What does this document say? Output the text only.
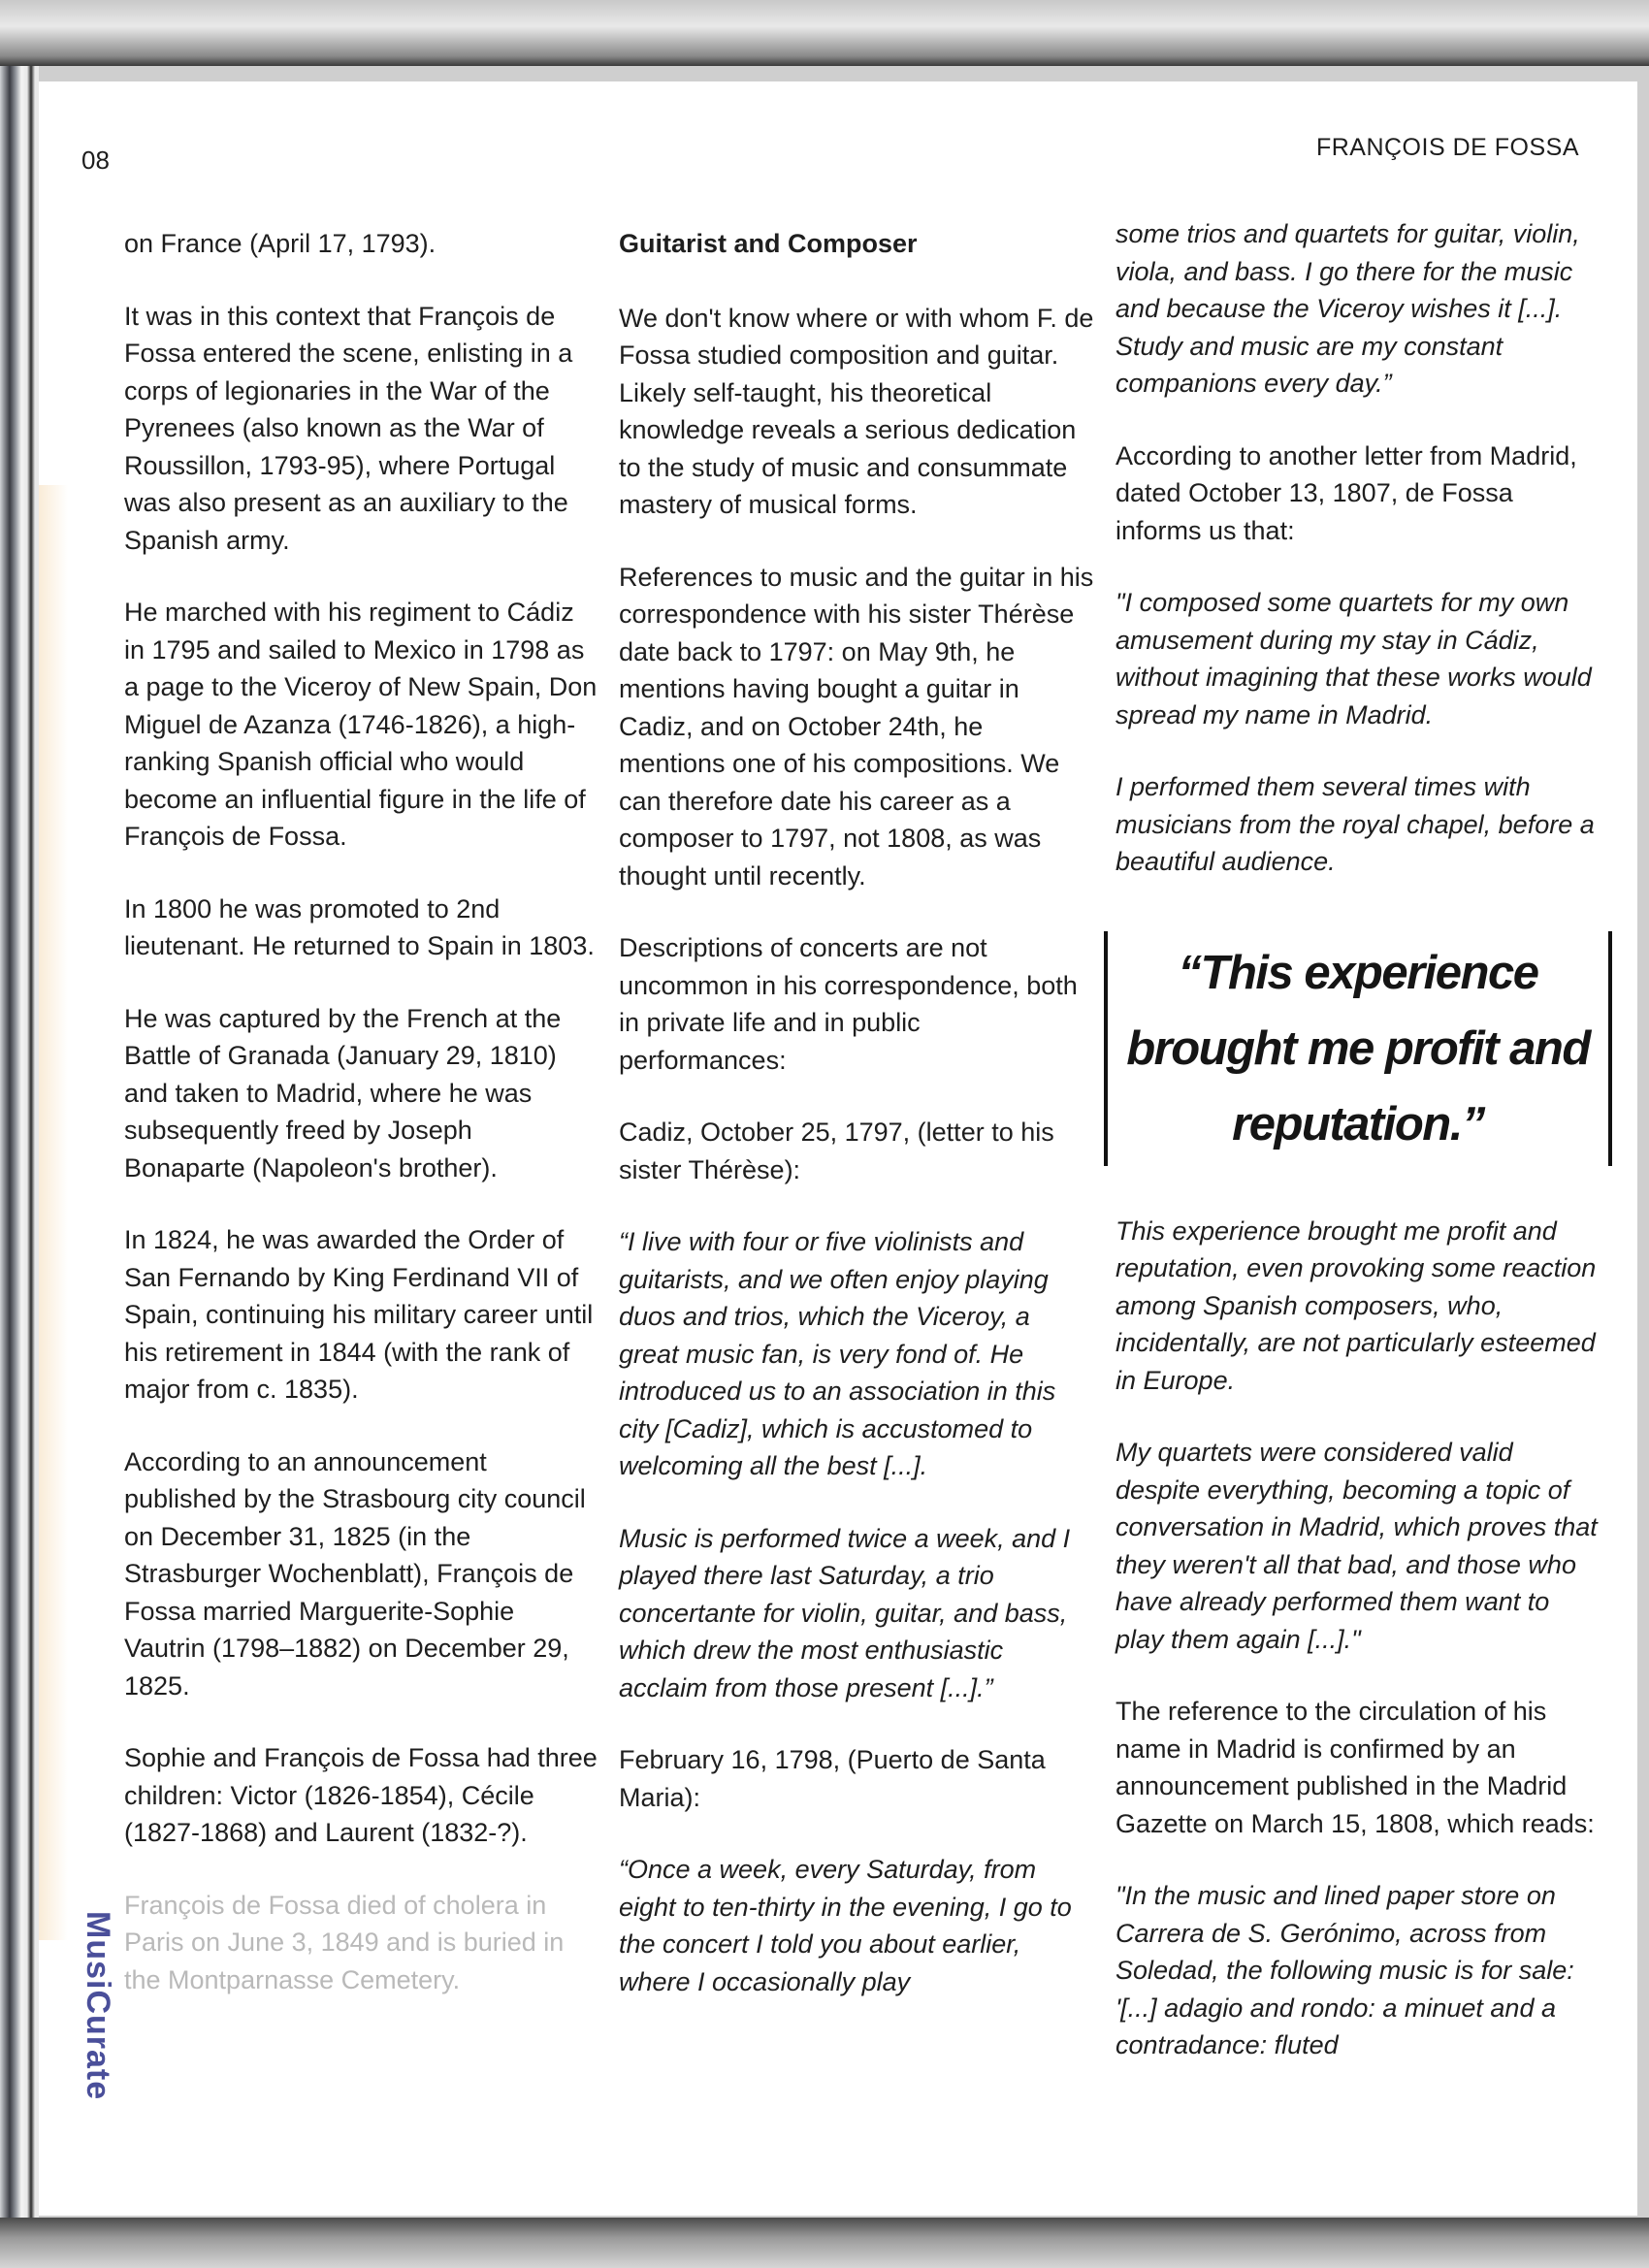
08	FRANÇOIS DE FOSSA

on France (April 17, 1793).

It was in this context that François de Fossa entered the scene, enlisting in a corps of legionaries in the War of the Pyrenees (also known as the War of Roussillon, 1793-95), where Portugal was also present as an auxiliary to the Spanish army.

He marched with his regiment to Cádiz in 1795 and sailed to Mexico in 1798 as a page to the Viceroy of New Spain, Don Miguel de Azanza (1746-1826), a high-ranking Spanish official who would become an influential figure in the life of François de Fossa.

In 1800 he was promoted to 2nd lieutenant. He returned to Spain in 1803.

He was captured by the French at the Battle of Granada (January 29, 1810) and taken to Madrid, where he was subsequently freed by Joseph Bonaparte (Napoleon's brother).

In 1824, he was awarded the Order of San Fernando by King Ferdinand VII of Spain, continuing his military career until his retirement in 1844 (with the rank of major from c. 1835).

According to an announcement published by the Strasbourg city council on December 31, 1825 (in the Strasburger Wochenblatt), François de Fossa married Marguerite-Sophie Vautrin (1798–1882) on December 29, 1825.

Sophie and François de Fossa had three children: Victor (1826-1854), Cécile (1827-1868) and Laurent (1832-?).

François de Fossa died of cholera in Paris on June 3, 1849 and is buried in the Montparnasse Cemetery.

Guitarist and Composer

We don't know where or with whom F. de Fossa studied composition and guitar. Likely self-taught, his theoretical knowledge reveals a serious dedication to the study of music and consummate mastery of musical forms.

References to music and the guitar in his correspondence with his sister Thérèse date back to 1797: on May 9th, he mentions having bought a guitar in Cadiz, and on October 24th, he mentions one of his compositions. We can therefore date his career as a composer to 1797, not 1808, as was thought until recently.

Descriptions of concerts are not uncommon in his correspondence, both in private life and in public performances:

Cadiz, October 25, 1797, (letter to his sister Thérèse):

“I live with four or five violinists and guitarists, and we often enjoy playing duos and trios, which the Viceroy, a great music fan, is very fond of. He introduced us to an association in this city [Cadiz], which is accustomed to welcoming all the best [...].

Music is performed twice a week, and I played there last Saturday, a trio concertante for violin, guitar, and bass, which drew the most enthusiastic acclaim from those present [...].”

February 16, 1798, (Puerto de Santa Maria):

“Once a week, every Saturday, from eight to ten-thirty in the evening, I go to the concert I told you about earlier, where I occasionally play

some trios and quartets for guitar, violin, viola, and bass. I go there for the music and because the Viceroy wishes it [...]. Study and music are my constant companions every day.”

According to another letter from Madrid, dated October 13, 1807, de Fossa informs us that:

"I composed some quartets for my own amusement during my stay in Cádiz, without imagining that these works would spread my name in Madrid.

I performed them several times with musicians from the royal chapel, before a beautiful audience.

“This experience brought me profit and reputation.”

This experience brought me profit and reputation, even provoking some reaction among Spanish composers, who, incidentally, are not particularly esteemed in Europe.

My quartets were considered valid despite everything, becoming a topic of conversation in Madrid, which proves that they weren't all that bad, and those who have already performed them want to play them again [...]."

The reference to the circulation of his name in Madrid is confirmed by an announcement published in the Madrid Gazette on March 15, 1808, which reads:

"In the music and lined paper store on Carrera de S. Gerónimo, across from Soledad, the following music is for sale: '[...] adagio and rondo: a minuet and a contradance: fluted

MusiCurate
